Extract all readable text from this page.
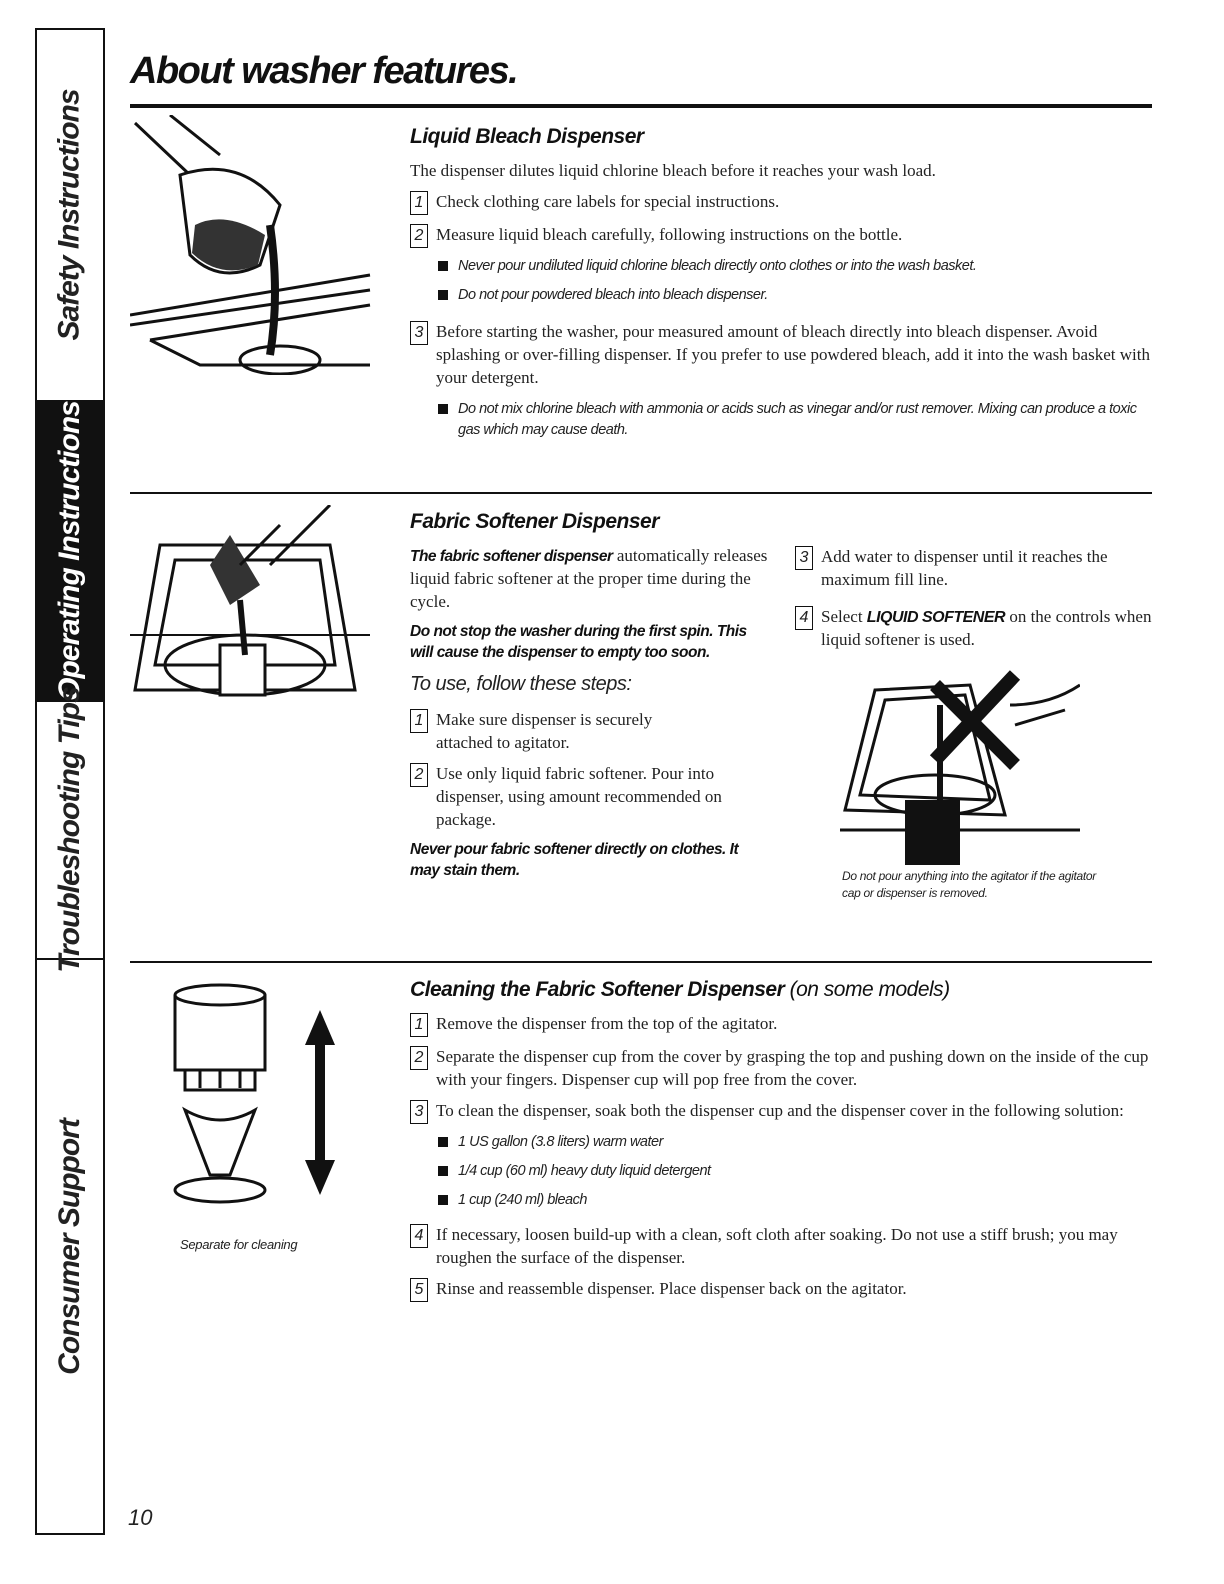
Safety Instructions
Operating Instructions
Troubleshooting Tips
Consumer Support
About washer features.
Liquid Bleach Dispenser

The dispenser dilutes liquid chlorine bleach before it reaches your wash load.

1 Check clothing care labels for special instructions.
2 Measure liquid bleach carefully, following instructions on the bottle.
Never pour undiluted liquid chlorine bleach directly onto clothes or into the wash basket.
Do not pour powdered bleach into bleach dispenser.
3 Before starting the washer, pour measured amount of bleach directly into bleach dispenser. Avoid splashing or over-filling dispenser. If you prefer to use powdered bleach, add it into the wash basket with your detergent.
Do not mix chlorine bleach with ammonia or acids such as vinegar and/or rust remover. Mixing can produce a toxic gas which may cause death.
Fabric Softener Dispenser

The fabric softener dispenser automatically releases liquid fabric softener at the proper time during the cycle.

Do not stop the washer during the first spin. This will cause the dispenser to empty too soon.

To use, follow these steps:

1 Make sure dispenser is securely attached to agitator.
2 Use only liquid fabric softener. Pour into dispenser, using amount recommended on package.

Never pour fabric softener directly on clothes. It may stain them.

3 Add water to dispenser until it reaches the maximum fill line.
4 Select LIQUID SOFTENER on the controls when liquid softener is used.
Do not pour anything into the agitator if the agitator cap or dispenser is removed.
Separate for cleaning
Cleaning the Fabric Softener Dispenser (on some models)
1 Remove the dispenser from the top of the agitator.
2 Separate the dispenser cup from the cover by grasping the top and pushing down on the inside of the cup with your fingers. Dispenser cup will pop free from the cover.
3 To clean the dispenser, soak both the dispenser cup and the dispenser cover in the following solution:
1 US gallon (3.8 liters) warm water
1/4 cup (60 ml) heavy duty liquid detergent
1 cup (240 ml) bleach
4 If necessary, loosen build-up with a clean, soft cloth after soaking. Do not use a stiff brush; you may roughen the surface of the dispenser.
5 Rinse and reassemble dispenser. Place dispenser back on the agitator.
10
